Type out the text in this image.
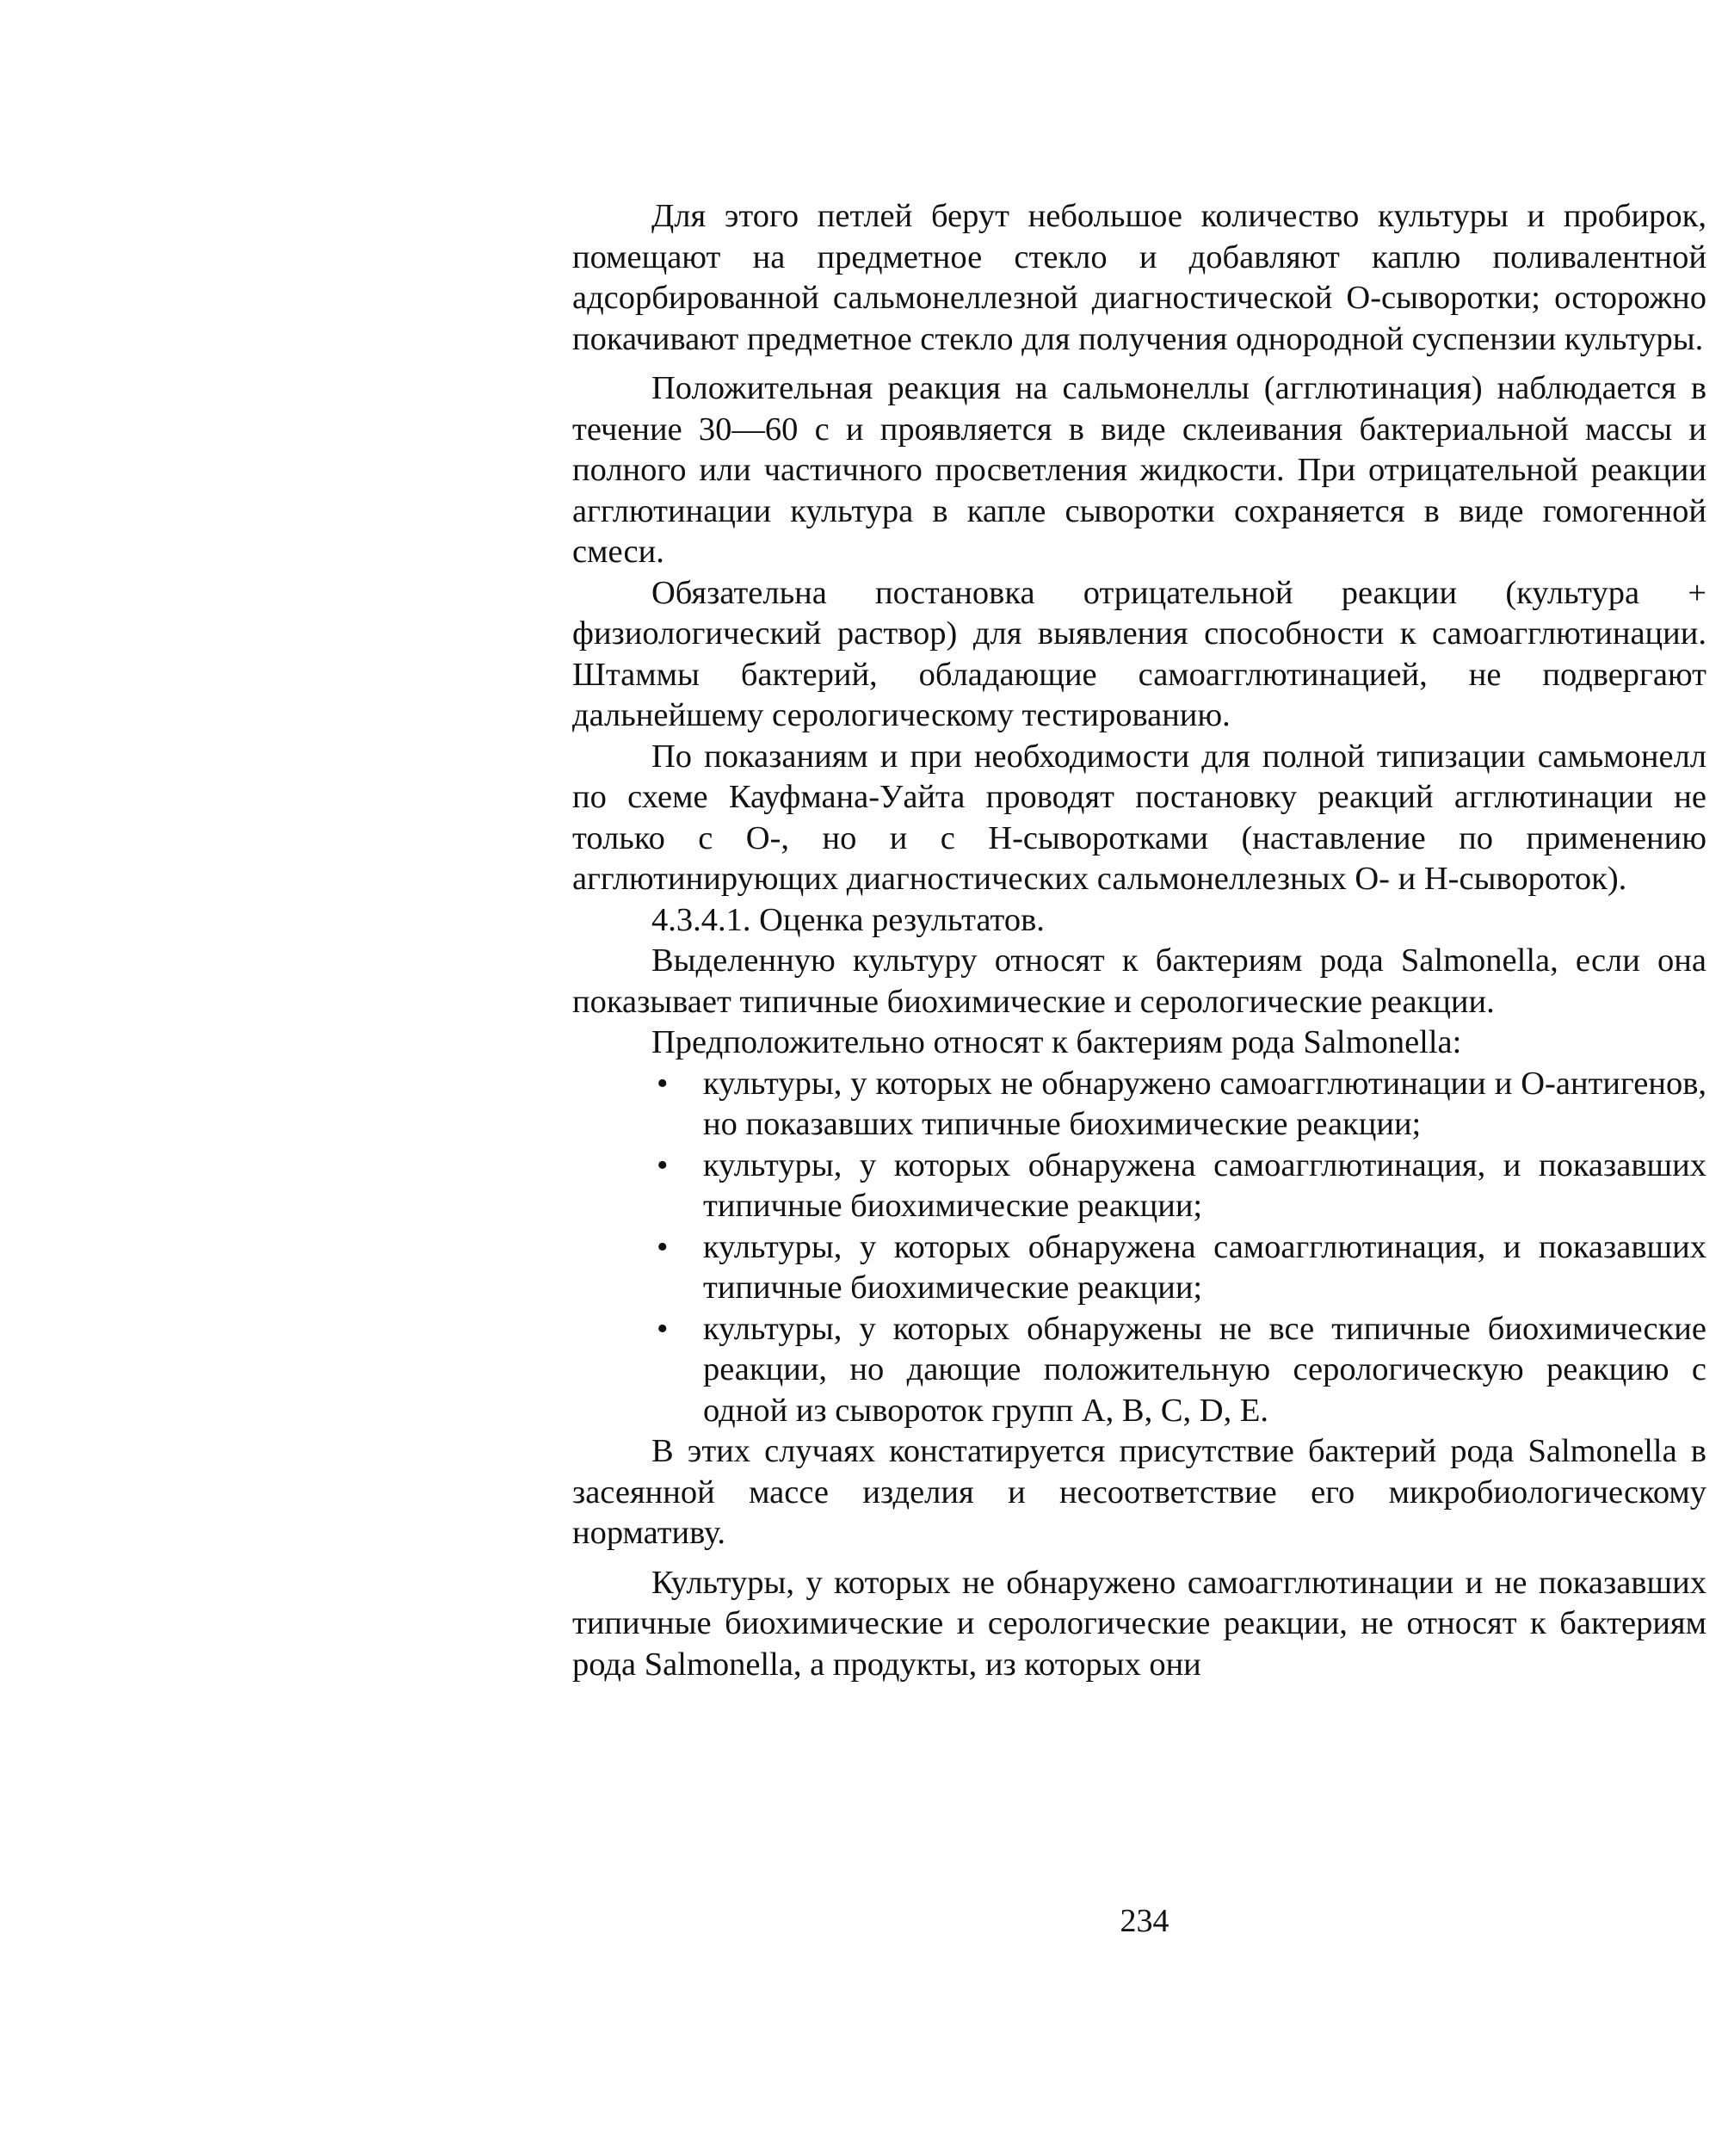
Для этого петлей берут небольшое количество культуры и пробирок, помещают на предметное стекло и добавляют каплю поливалентной адсорбированной сальмонеллезной диагностической О-сыворотки; осторожно покачивают предметное стекло для получения однородной суспензии культуры.

Положительная реакция на сальмонеллы (агглютинация) наблюдается в течение 30—60 с и проявляется в виде склеивания бактериальной массы и полного или частичного просветления жидкости. При отрицательной реакции агглютинации культура в капле сыворотки сохраняется в виде гомогенной смеси.

Обязательна постановка отрицательной реакции (культура + физиологический раствор) для выявления способности к самоагглютинации. Штаммы бактерий, обладающие самоагглютинацией, не подвергают дальнейшему серологическому тестированию.

По показаниям и при необходимости для полной типизации самьмонелл по схеме Кауфмана-Уайта проводят постановку реакций агглютинации не только с О-, но и с Н-сыворотками (наставление по применению агглютинирующих диагностических сальмонеллезных О- и Н-сывороток).

4.3.4.1. Оценка результатов.

Выделенную культуру относят к бактериям рода Salmonella, если она показывает типичные биохимические и серологические реакции.

Предположительно относят к бактериям рода Salmonella:

•	культуры, у которых не обнаружено самоагглютинации и О-антигенов, но показавших типичные биохимические реакции;
•	культуры, у которых обнаружена самоагглютинация, и показавших типичные биохимические реакции;
•	культуры, у которых обнаружена самоагглютинация, и показавших типичные биохимические реакции;
•	культуры, у которых обнаружены не все типичные биохимические реакции, но дающие положительную серологическую реакцию с одной из сывороток групп А, В, С, D, Е.

В этих случаях констатируется присутствие бактерий рода Salmonella в засеянной массе изделия и несоответствие его микробиологическому нормативу.

Культуры, у которых не обнаружено самоагглютинации и не показавших типичные биохимические и серологические реакции, не относят к бактериям рода Salmonella, а продукты, из которых они

234
